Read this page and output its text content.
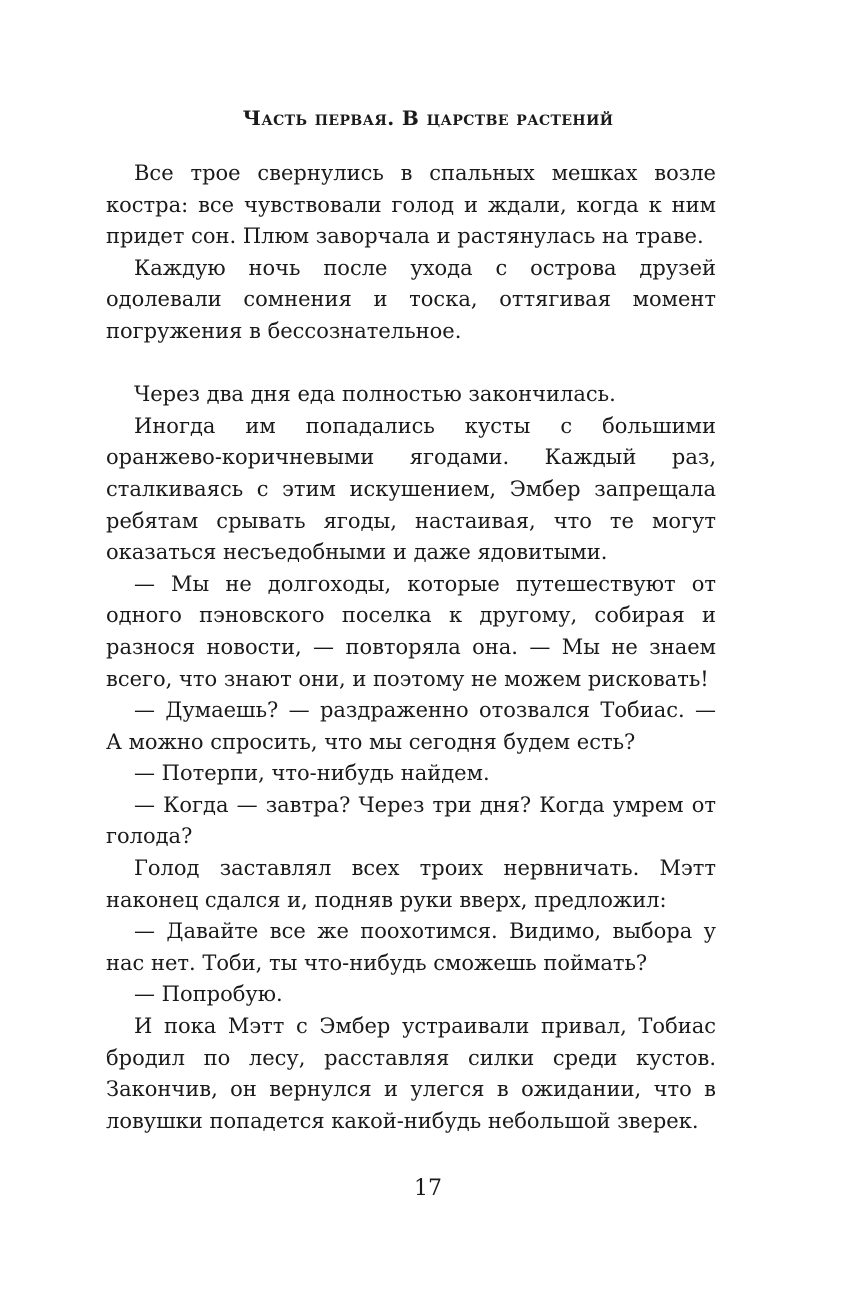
Часть первая. В царстве растений

Все трое свернулись в спальных мешках возле костра: все чувствовали голод и ждали, когда к ним придет сон. Плюм заворчала и растянулась на траве.

Каждую ночь после ухода с острова друзей одолевали сомнения и тоска, оттягивая момент погружения в бессознательное.

Через два дня еда полностью закончилась.

Иногда им попадались кусты с большими оранжево-коричневыми ягодами. Каждый раз, сталкиваясь с этим искушением, Эмбер запрещала ребятам срывать ягоды, настаивая, что те могут оказаться несъедобными и даже ядовитыми.

— Мы не долгоходы, которые путешествуют от одного пэновского поселка к другому, собирая и разнося новости, — повторяла она. — Мы не знаем всего, что знают они, и поэтому не можем рисковать!

— Думаешь? — раздраженно отозвался Тобиас. — А можно спросить, что мы сегодня будем есть?

— Потерпи, что-нибудь найдем.

— Когда — завтра? Через три дня? Когда умрем от голода?

Голод заставлял всех троих нервничать. Мэтт наконец сдался и, подняв руки вверх, предложил:

— Давайте все же поохотимся. Видимо, выбора у нас нет. Тоби, ты что-нибудь сможешь поймать?

— Попробую.

И пока Мэтт с Эмбер устраивали привал, Тобиас бродил по лесу, расставляя силки среди кустов. Закончив, он вернулся и улегся в ожидании, что в ловушки попадется какой-нибудь небольшой зверек.

17
